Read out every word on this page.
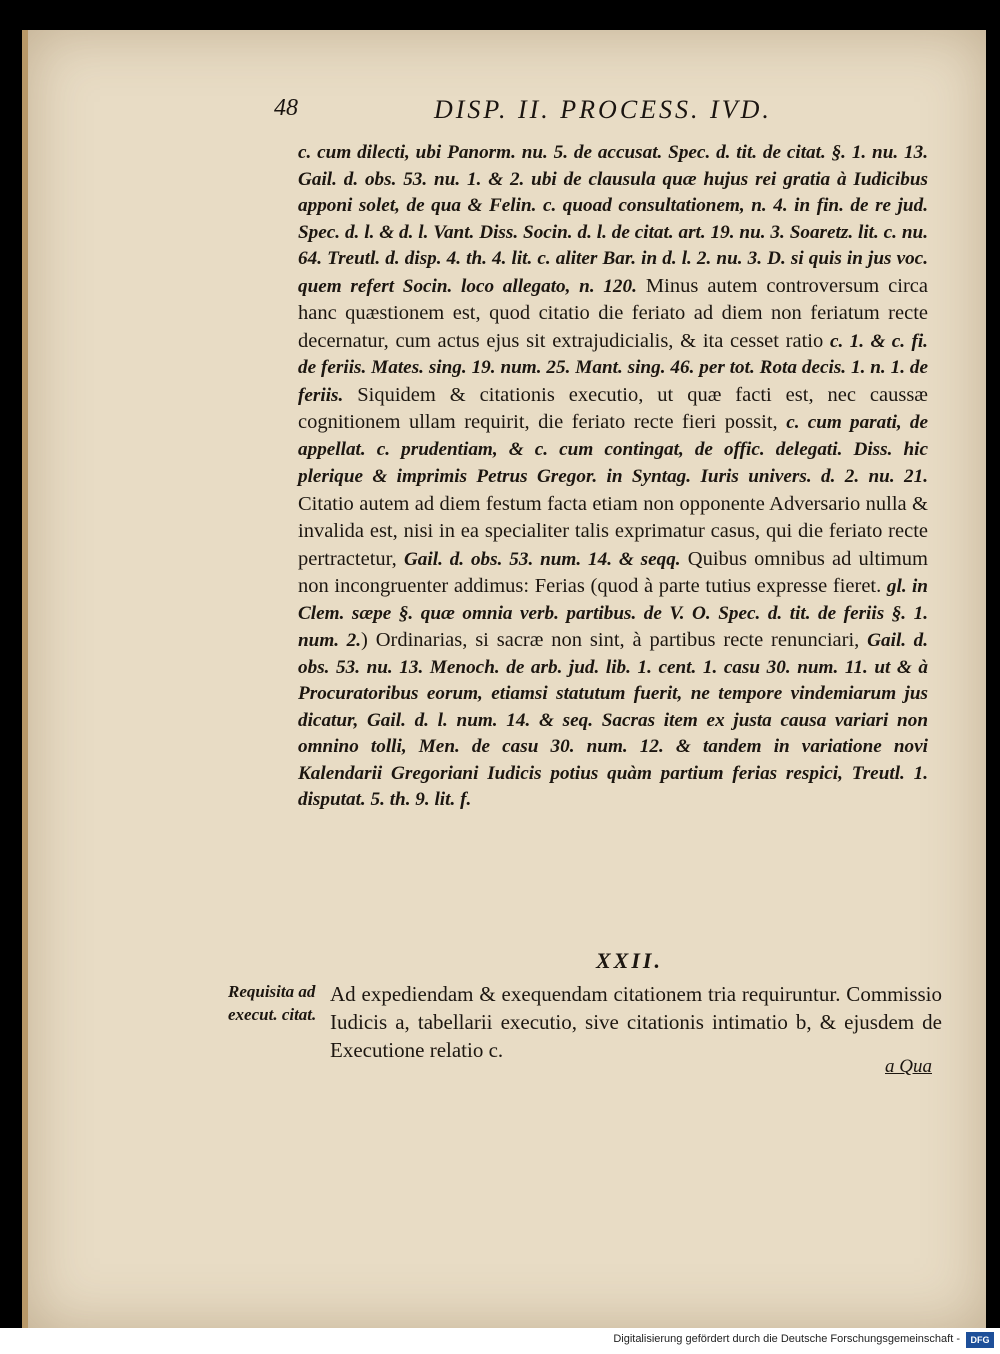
48	DISP. II. PROCESS. IVD.

c. cum dilecti, ubi Panorm. nu. 5. de accusat. Spec. d. tit. de citat. §. 1. nu. 13. Gail. d. obs. 53. nu. 1. & 2. ubi de clausula quæ hujus rei gratia à Iudicibus apponi solet, de qua & Felin. c. quoad consultationem, n. 4. in fin. de re jud. Spec. d. l. & d. l. Vant. Diss. Socin. d. l. de citat. art. 19. nu. 3. Soaretz. lit. c. nu. 64. Treutl. d. disp. 4. th. 4. lit. c. aliter Bar. in d. l. 2. nu. 3. D. si quis in jus voc. quem refert Socin. loco allegato, n. 120. Minus autem controversum circa hanc quæstionem est, quod citatio die feriato ad diem non feriatum recte decernatur, cum actus ejus sit extrajudicialis, & ita cesset ratio c. 1. & c. fi. de feriis. Mates. sing. 19. num. 25. Mant. sing. 46. per tot. Rota decis. 1. n. 1. de feriis. Siquidem & citationis executio, ut quæ facti est, nec caussæ cognitionem ullam requirit, die feriato recte fieri possit, c. cum parati, de appellat. c. prudentiam, & c. cum contingat, de offic. delegati. Diss. hic plerique & imprimis Petrus Gregor. in Syntag. Iuris univers. d. 2. nu. 21. Citatio autem ad diem festum facta etiam non opponente Adversario nulla & invalida est, nisi in ea specialiter talis exprimatur casus, qui die feriato recte pertractetur, Gail. d. obs. 53. num. 14. & seqq. Quibus omnibus ad ultimum non incongruenter addimus: Ferias (quod à parte tutius expresse fieret. gl. in Clem. sæpe §. quæ omnia verb. partibus. de V. O. Spec. d. tit. de feriis §. 1. num. 2.) Ordinarias, si sacræ non sint, à partibus recte renunciari, Gail. d. obs. 53. nu. 13. Menoch. de arb. jud. lib. 1. cent. 1. casu 30. num. 11. ut & à Procuratoribus eorum, etiamsi statutum fuerit, ne tempore vindemiarum jus dicatur, Gail. d. l. num. 14. & seq. Sacras item ex justa causa variari non omnino tolli, Men. de casu 30. num. 12. & tandem in variatione novi Kalendarii Gregoriani Iudicis potius quàm partium ferias respici, Treutl. 1. disputat. 5. th. 9. lit. f.

XXII.
Requisita ad execut. citat.
Ad expediendam & exequendam citationem tria requiruntur. Commissio Iudicis a, tabellarii executio, sive citationis intimatio b, & ejusdem de Executione relatio c.
a Qua
Digitalisierung gefördert durch die Deutsche Forschungsgemeinschaft -	DFG
